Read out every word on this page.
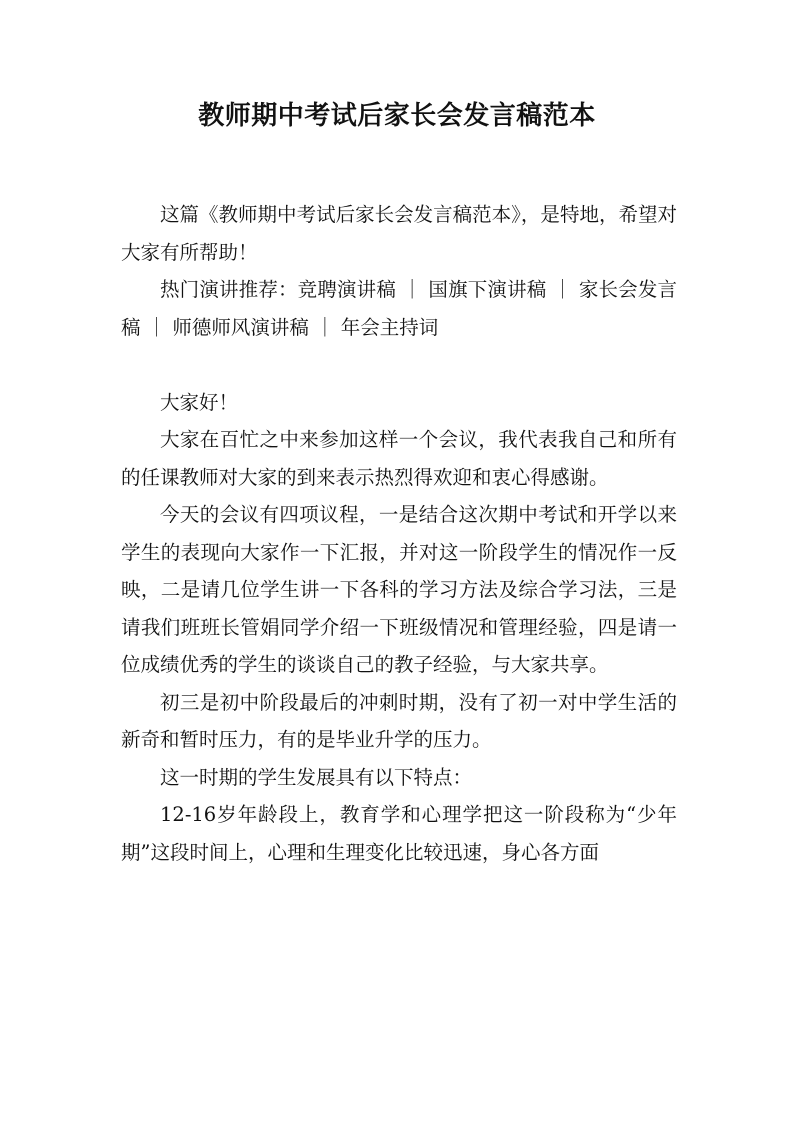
教师期中考试后家长会发言稿范本

这篇《教师期中考试后家长会发言稿范本》，是特地，希望对大家有所帮助！

热门演讲推荐：竞聘演讲稿 ｜ 国旗下演讲稿 ｜ 家长会发言稿 ｜ 师德师风演讲稿 ｜ 年会主持词

大家好！

大家在百忙之中来参加这样一个会议，我代表我自己和所有的任课教师对大家的到来表示热烈得欢迎和衷心得感谢。

今天的会议有四项议程，一是结合这次期中考试和开学以来学生的表现向大家作一下汇报，并对这一阶段学生的情况作一反映，二是请几位学生讲一下各科的学习方法及综合学习法，三是请我们班班长管娟同学介绍一下班级情况和管理经验，四是请一位成绩优秀的学生的谈谈自己的教子经验，与大家共享。

初三是初中阶段最后的冲刺时期，没有了初一对中学生活的新奇和暂时压力，有的是毕业升学的压力。

这一时期的学生发展具有以下特点：

12-16岁年龄段上，教育学和心理学把这一阶段称为“少年期”这段时间上，心理和生理变化比较迅速，身心各方面
